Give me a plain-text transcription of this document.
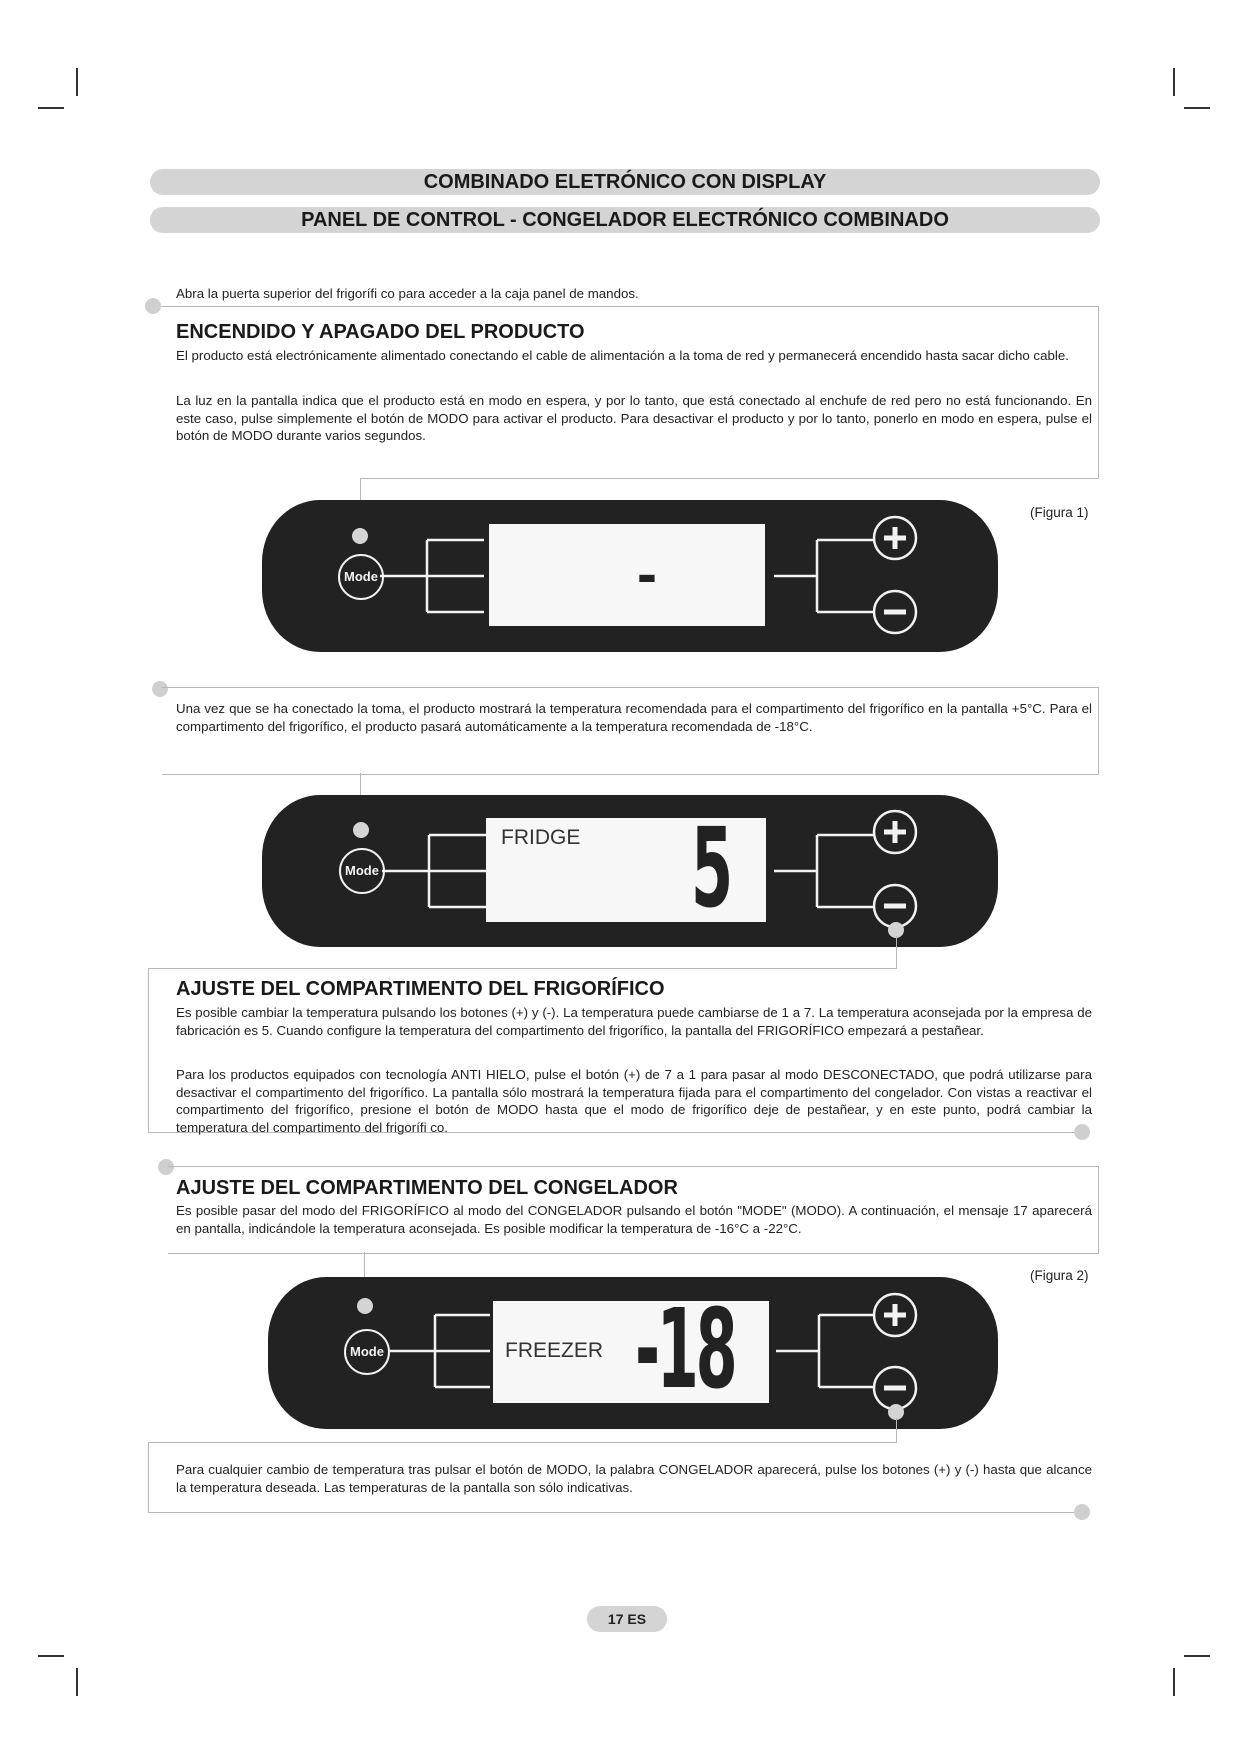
COMBINADO ELETRÓNICO CON DISPLAY
PANEL DE CONTROL - CONGELADOR ELECTRÓNICO COMBINADO

Abra la puerta superior del frigorífi co para acceder a la caja panel de mandos.

ENCENDIDO Y APAGADO DEL PRODUCTO

El producto está electrónicamente alimentado conectando el cable de alimentación a la toma de red y permanecerá encendido hasta sacar dicho cable.

La luz en la pantalla indica que el producto está en modo en espera, y por lo tanto, que está conectado al enchufe de red pero no está funcionando. En este caso, pulse simplemente el botón de MODO para activar el producto. Para desactivar el producto y por lo tanto, ponerlo en modo en espera, pulse el botón de MODO durante varios segundos.

(Figura 1)
Mode	-

Una vez que se ha conectado la toma, el producto mostrará la temperatura recomendada para el compartimento del frigorífico en la pantalla +5°C. Para el compartimento del frigorífico, el producto pasará automáticamente a la temperatura recomendada de -18°C.

Mode
FRIDGE 5
AJUSTE DEL COMPARTIMENTO DEL FRIGORÍFICO

Es posible cambiar la temperatura pulsando los botones (+) y (-). La temperatura puede cambiarse de 1 a 7. La temperatura aconsejada por la empresa de fabricación es 5. Cuando configure la temperatura del compartimento del frigorífico, la pantalla del FRIGORÍFICO empezará a pestañear.

Para los productos equipados con tecnología ANTI HIELO, pulse el botón (+) de 7 a 1 para pasar al modo DESCONECTADO, que podrá utilizarse para desactivar el compartimento del frigorífico. La pantalla sólo mostrará la temperatura fijada para el compartimento del congelador. Con vistas a reactivar el compartimento del frigorífico, presione el botón de MODO hasta que el modo de frigorífico deje de pestañear, y en este punto, podrá cambiar la temperatura del compartimento del frigorífi co.

AJUSTE DEL COMPARTIMENTO DEL CONGELADOR

Es posible pasar del modo del FRIGORÍFICO al modo del CONGELADOR pulsando el botón "MODE" (MODO). A continuación, el mensaje 17 aparecerá en pantalla, indicándole la temperatura aconsejada. Es posible modificar la temperatura de -16°C a -22°C.

(Figura 2)
Mode	FREEZER -18

Para cualquier cambio de temperatura tras pulsar el botón de MODO, la palabra CONGELADOR aparecerá, pulse los botones (+) y (-) hasta que alcance la temperatura deseada. Las temperaturas de la pantalla son sólo indicativas.

17 ES
